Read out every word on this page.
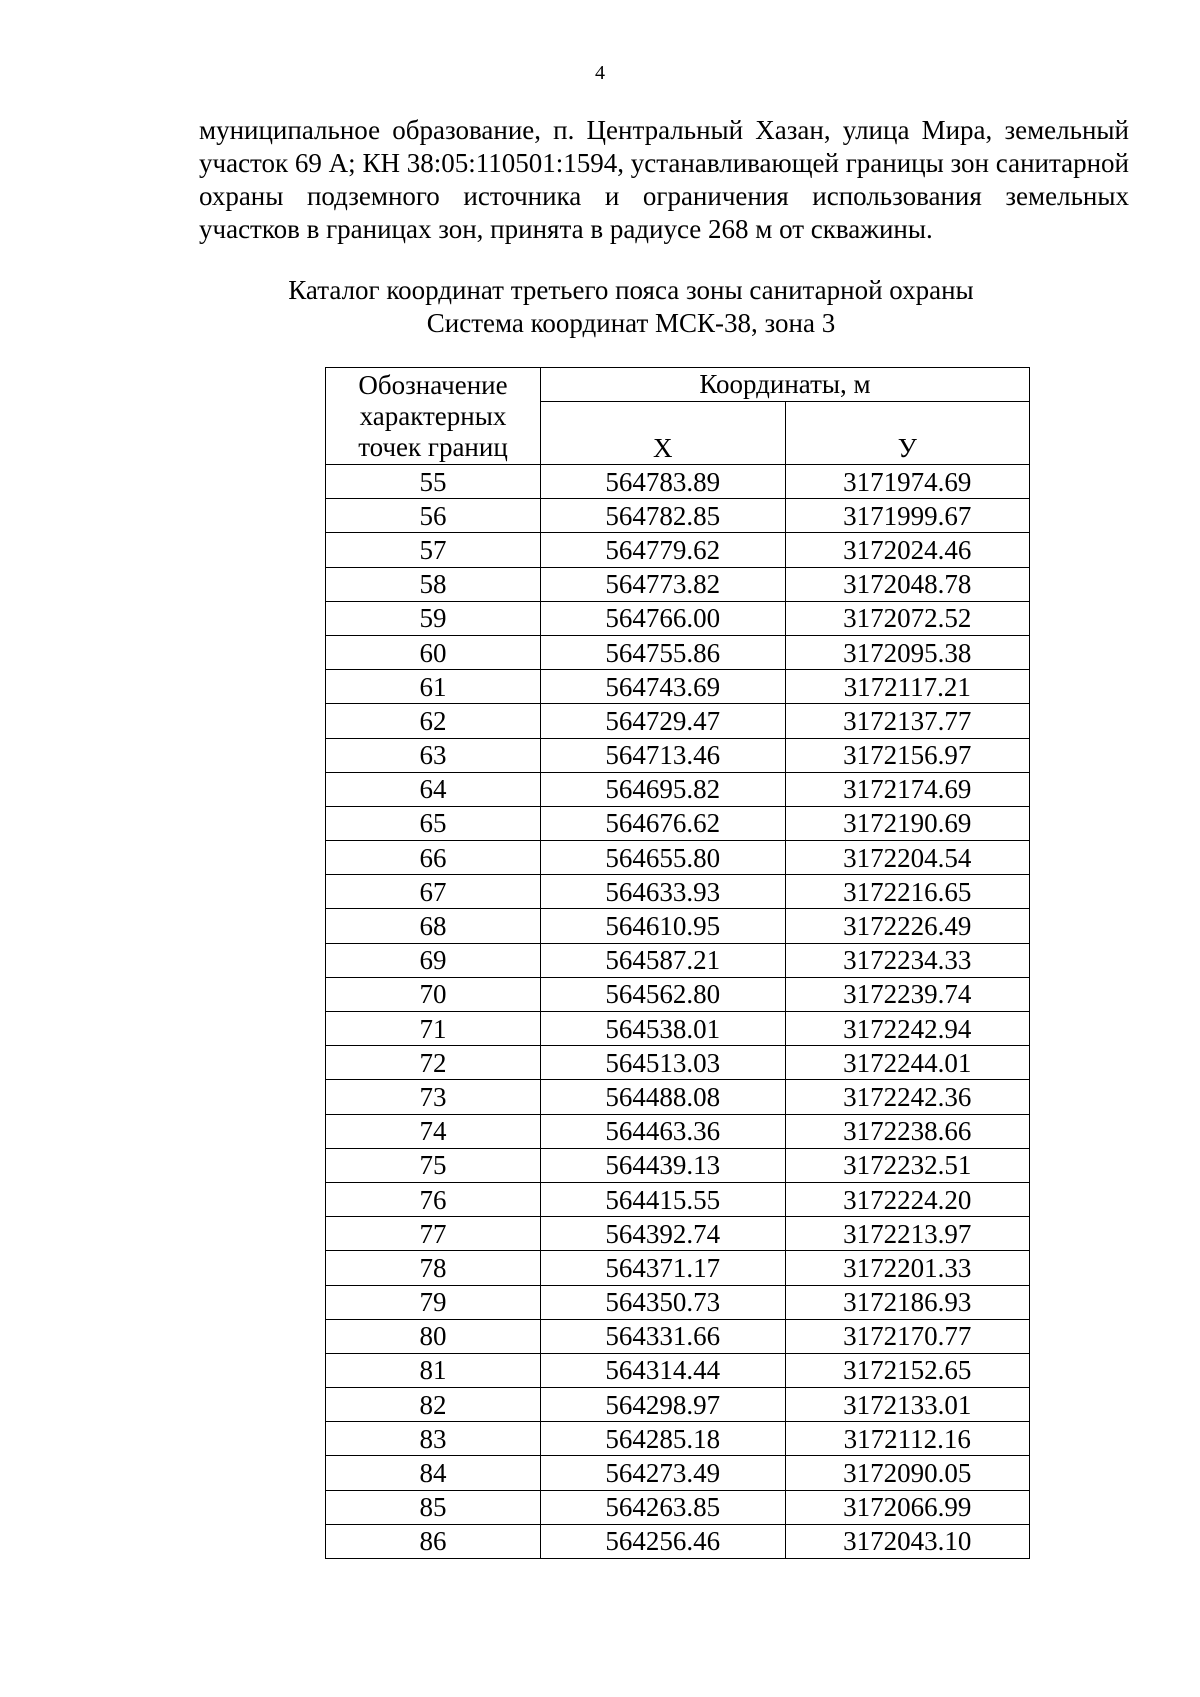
4
муниципальное образование, п. Центральный Хазан, улица Мира, земельный участок 69 А; КН 38:05:110501:1594, устанавливающей границы зон санитарной охраны подземного источника и ограничения использования земельных участков в границах зон, принята в радиусе 268 м от скважины.
Каталог координат третьего пояса зоны санитарной охраны
Система координат МСК-38, зона 3
Обозначение характерных точек границ	Координаты, м	
	X	У
55	564783.89	3171974.69
56	564782.85	3171999.67
57	564779.62	3172024.46
58	564773.82	3172048.78
59	564766.00	3172072.52
60	564755.86	3172095.38
61	564743.69	3172117.21
62	564729.47	3172137.77
63	564713.46	3172156.97
64	564695.82	3172174.69
65	564676.62	3172190.69
66	564655.80	3172204.54
67	564633.93	3172216.65
68	564610.95	3172226.49
69	564587.21	3172234.33
70	564562.80	3172239.74
71	564538.01	3172242.94
72	564513.03	3172244.01
73	564488.08	3172242.36
74	564463.36	3172238.66
75	564439.13	3172232.51
76	564415.55	3172224.20
77	564392.74	3172213.97
78	564371.17	3172201.33
79	564350.73	3172186.93
80	564331.66	3172170.77
81	564314.44	3172152.65
82	564298.97	3172133.01
83	564285.18	3172112.16
84	564273.49	3172090.05
85	564263.85	3172066.99
86	564256.46	3172043.10
